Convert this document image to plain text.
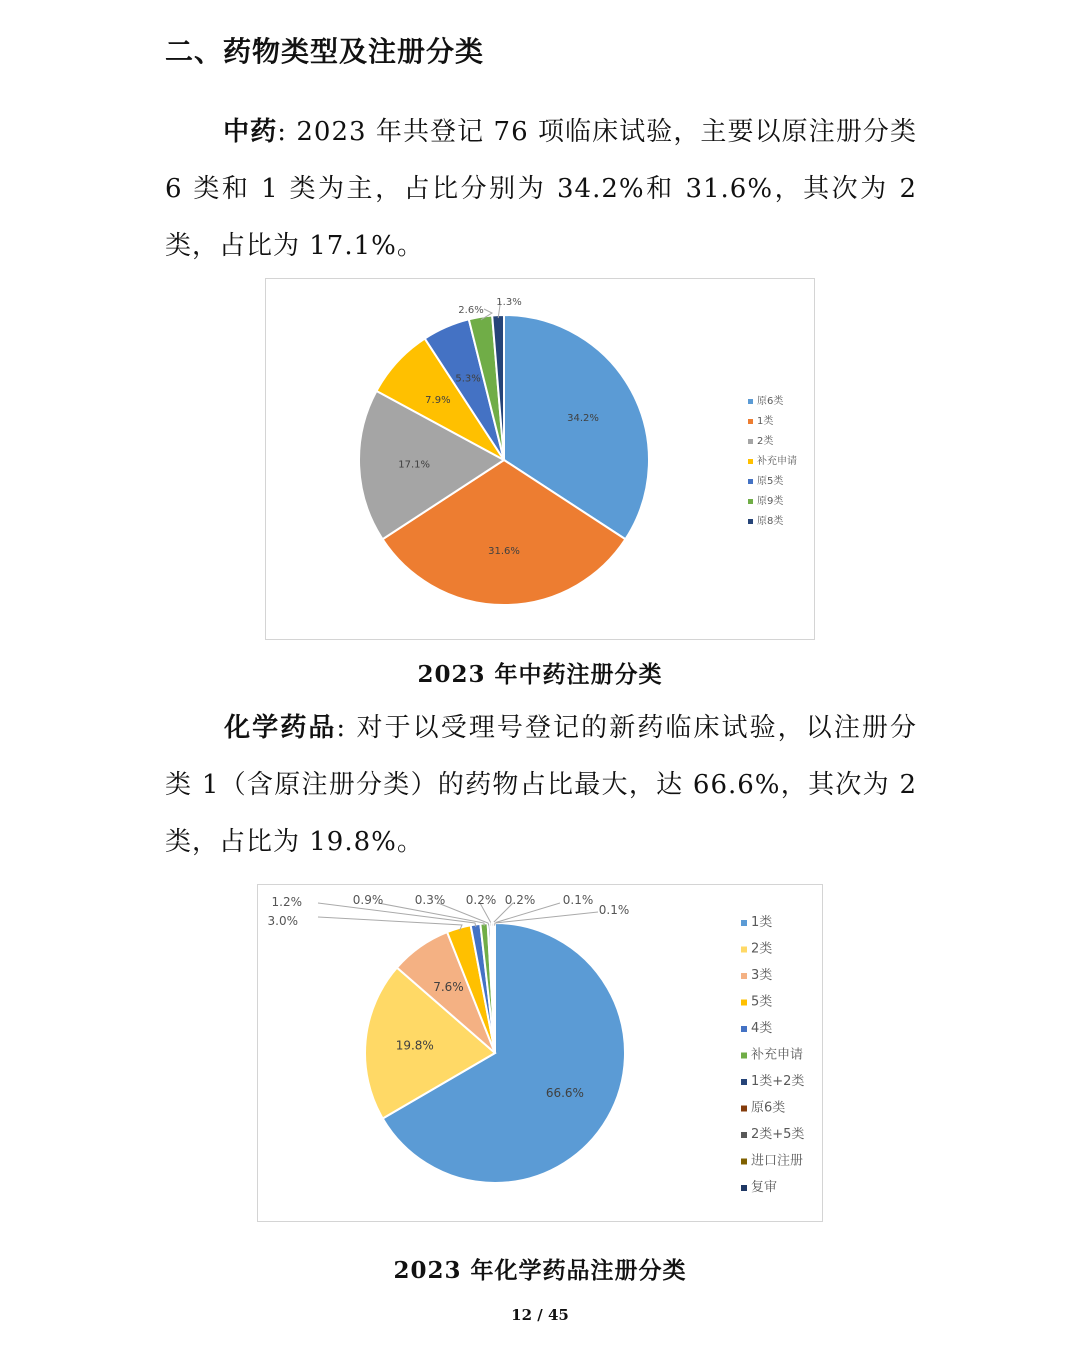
二、药物类型及注册分类

中药: 2023 年共登记 76 项临床试验，主要以原注册分类 6 类和 1 类为主，占比分别为 34.2%和 31.6%，其次为 2 类，占比为 17.1%。

34.2%
31.6%
17.1%
7.9%
5.3%
2.6%
1.3%
原6类
1类
2类
补充申请
原5类
原9类
原8类
2023 年中药注册分类

化学药品: 对于以受理号登记的新药临床试验，以注册分类 1（含原注册分类）的药物占比最大，达 66.6%，其次为 2 类，占比为 19.8%。

66.6%
19.8%
7.6%
3.0%
1.2%	0.9%	0.3% 0.2% 0.2% 0.1%
0.1%
1类
2类
3类
5类
4类
补充申请
1类+2类
原6类
2类+5类
进口注册
复审
2023 年化学药品注册分类
12 / 45
